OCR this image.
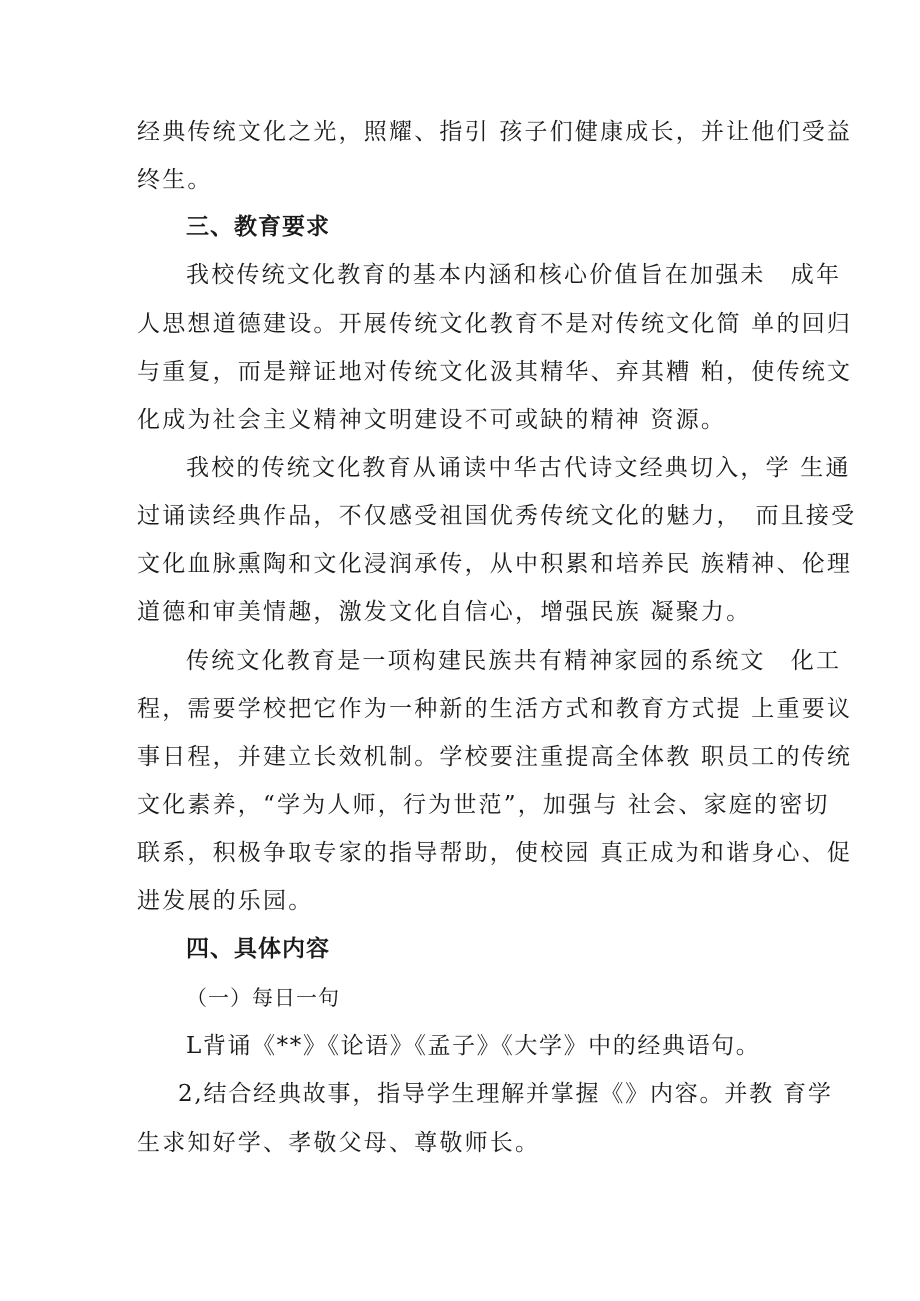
经典传统文化之光，照耀、指引 孩子们健康成长，并让他们受益
终生。
三、教育要求
我校传统文化教育的基本内涵和核心价值旨在加强未　成年
人思想道德建设。开展传统文化教育不是对传统文化简 单的回归
与重复，而是辩证地对传统文化汲其精华、弃其糟 粕，使传统文
化成为社会主义精神文明建设不可或缺的精神 资源。
我校的传统文化教育从诵读中华古代诗文经典切入，学 生通
过诵读经典作品，不仅感受祖国优秀传统文化的魅力，　而且接受
文化血脉熏陶和文化浸润承传，从中积累和培养民 族精神、伦理
道德和审美情趣，激发文化自信心，增强民族 凝聚力。
传统文化教育是一项构建民族共有精神家园的系统文　化工
程，需要学校把它作为一种新的生活方式和教育方式提 上重要议
事日程，并建立长效机制。学校要注重提高全体教 职员工的传统
文化素养，“学为人师，行为世范”，加强与 社会、家庭的密切
联系，积极争取专家的指导帮助，使校园 真正成为和谐身心、促
进发展的乐园。
四、具体内容
（一）每日一句
L背诵《**》《论语》《孟子》《大学》中的经典语句。
2,结合经典故事，指导学生理解并掌握《》内容。并教 育学
生求知好学、孝敬父母、尊敬师长。
